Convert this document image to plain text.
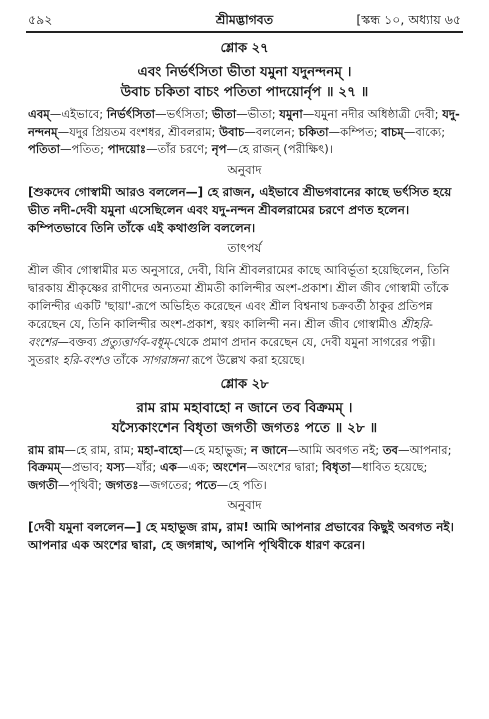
৫৯২	শ্রীমদ্ভাগবত	[স্কন্ধ ১০, অধ্যায় ৬৫
শ্লোক ২৭
এবং নির্ভর্ৎসিতা ভীতা যমুনা যদুনন্দনম্‌ ।
উবাচ চকিতা বাচং পতিতা পাদয়োর্নৃপ ॥ ২৭ ॥
এবম্‌—এইভাবে; নির্ভর্ৎসিতা—ভর্ৎসিতা; ভীতা—ভীতা; যমুনা—যমুনা নদীর অধিষ্ঠাত্রী দেবী; যদু-নন্দনম্‌—যদুর প্রিয়তম বংশধর, শ্রীবলরাম; উবাচ—বললেন; চকিতা—কম্পিত; বাচম্‌—বাক্যে; পতিতা—পতিত; পাদয়োঃ—তাঁর চরণে; নৃপ—হে রাজন্‌ (পরীক্ষিৎ)।
অনুবাদ
[শুকদেব গোস্বামী আরও বললেন—] হে রাজন, এইভাবে শ্রীভগবানের কাছে ভর্ৎসিত হয়ে ভীত নদী-দেবী যমুনা এসেছিলেন এবং যদু-নন্দন শ্রীবলরামের চরণে প্রণত হলেন। কম্পিতভাবে তিনি তাঁকে এই কথাগুলি বললেন।
তাৎপর্য
শ্রীল জীব গোস্বামীর মত অনুসারে, দেবী, যিনি শ্রীবলরামের কাছে আবির্ভূতা হয়েছিলেন, তিনি দ্বারকায় শ্রীকৃষ্ণের রাণীদের অন্যতমা শ্রীমতী কালিন্দীর অংশ-প্রকাশ। শ্রীল জীব গোস্বামী তাঁকে কালিন্দীর একটি 'ছায়া'-রূপে অভিহিত করেছেন এবং শ্রীল বিশ্বনাথ চক্রবর্তী ঠাকুর প্রতিপন্ন করেছেন যে, তিনি কালিন্দীর অংশ-প্রকাশ, স্বয়ং কালিন্দী নন। শ্রীল জীব গোস্বামীও শ্রীহরি-বংশের—বক্তব্য প্রত্যুত্তার্ণব-বধূম্‌-থেকে প্রমাণ প্রদান করেছেন যে, দেবী যমুনা সাগরের পত্নী। সুতরাং হরি-বংশও তাঁকে সাগরাঙ্গনা রূপে উল্লেখ করা হয়েছে।
শ্লোক ২৮
রাম রাম মহাবাহো ন জানে তব বিক্রমম্‌ ।
যস্যৈকাংশেন বিধৃতা জগতী জগতঃ পতে ॥ ২৮ ॥
রাম রাম—হে রাম, রাম; মহা-বাহো—হে মহাভুজ; ন জানে—আমি অবগত নই; তব—আপনার; বিক্রমম্‌—প্রভাব; যস্য—যাঁর; এক—এক; অংশেন—অংশের দ্বারা; বিধৃতা—ধাবিত হয়েছে; জগতী—পৃথিবী; জগতঃ—জগতের; পতে—হে পতি।
অনুবাদ
[দেবী যমুনা বললেন—] হে মহাভুজ রাম, রাম! আমি আপনার প্রভাবের কিছুই অবগত নই। আপনার এক অংশের দ্বারা, হে জগন্নাথ, আপনি পৃথিবীকে ধারণ করেন।
